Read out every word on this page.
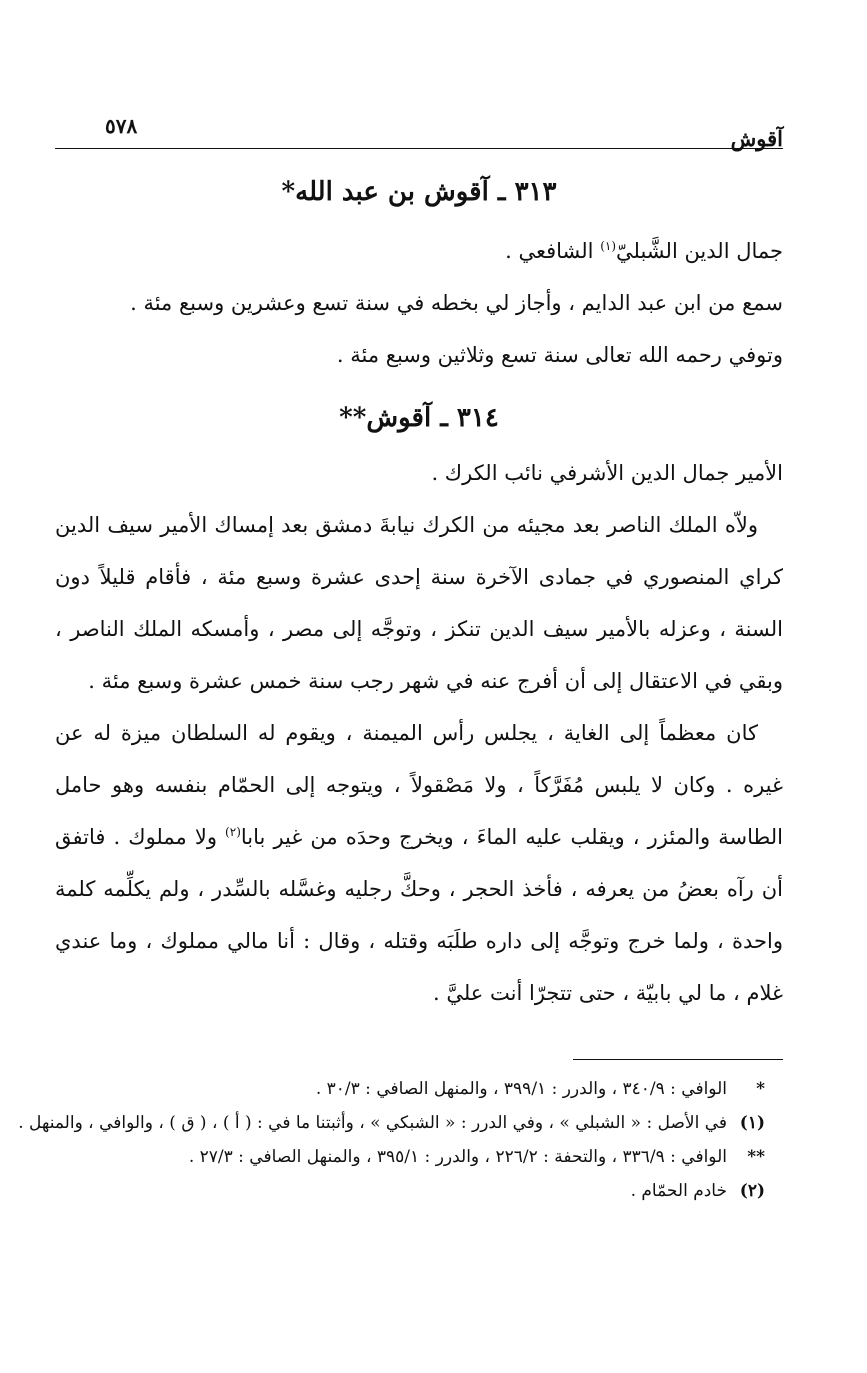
آقوش
٥٧٨
٣١٣ ـ آقوش بن عبد الله*

جمال الدين الشَّبليّ$^{(١)}$ الشافعي .

سمع من ابن عبد الدايم ، وأجاز لي بخطه في سنة تسع وعشرين وسبع مئة .

وتوفي رحمه الله تعالى سنة تسع وثلاثين وسبع مئة .

٣١٤ ـ آقوش**

الأمير جمال الدين الأشرفي نائب الكرك .

ولاّه الملك الناصر بعد مجيئه من الكرك نيابةَ دمشق بعد إمساك الأمير سيف الدين كراي المنصوري في جمادى الآخرة سنة إحدى عشرة وسبع مئة ، فأقام قليلاً دون السنة ، وعزله بالأمير سيف الدين تنكز ، وتوجَّه إلى مصر ، وأمسكه الملك الناصر ، وبقي في الاعتقال إلى أن أفرج عنه في شهر رجب سنة خمس عشرة وسبع مئة .

كان معظماً إلى الغاية ، يجلس رأس الميمنة ، ويقوم له السلطان ميزة له عن غيره . وكان لا يلبس مُفَرَّكاً ، ولا مَصْقولاً ، ويتوجه إلى الحمّام بنفسه وهو حامل الطاسة والمئزر ، ويقلب عليه الماءَ ، ويخرج وحدَه من غير بابا$^{(٢)}$ ولا مملوك . فاتفق أن رآه بعضُ من يعرفه ، فأخذ الحجر ، وحكَّ رجليه وغسَّله بالسِّدر ، ولم يكلِّمه كلمة واحدة ، ولما خرج وتوجَّه إلى داره طلَبَه وقتله ، وقال : أنا مالي مملوك ، وما عندي غلام ، ما لي بابيّة ، حتى تتجرّا أنت عليَّ .

*
الوافي : ٣٤٠/٩ ، والدرر : ٣٩٩/١ ، والمنهل الصافي : ٣٠/٣ .
(١)
في الأصل : « الشبلي » ، وفي الدرر : « الشبكي » ، وأثبتنا ما في : ( أ ) ، ( ق ) ، والوافي ، والمنهل .
**
الوافي : ٣٣٦/٩ ، والتحفة : ٢٢٦/٢ ، والدرر : ٣٩٥/١ ، والمنهل الصافي : ٢٧/٣ .
(٢)
خادم الحمّام .
